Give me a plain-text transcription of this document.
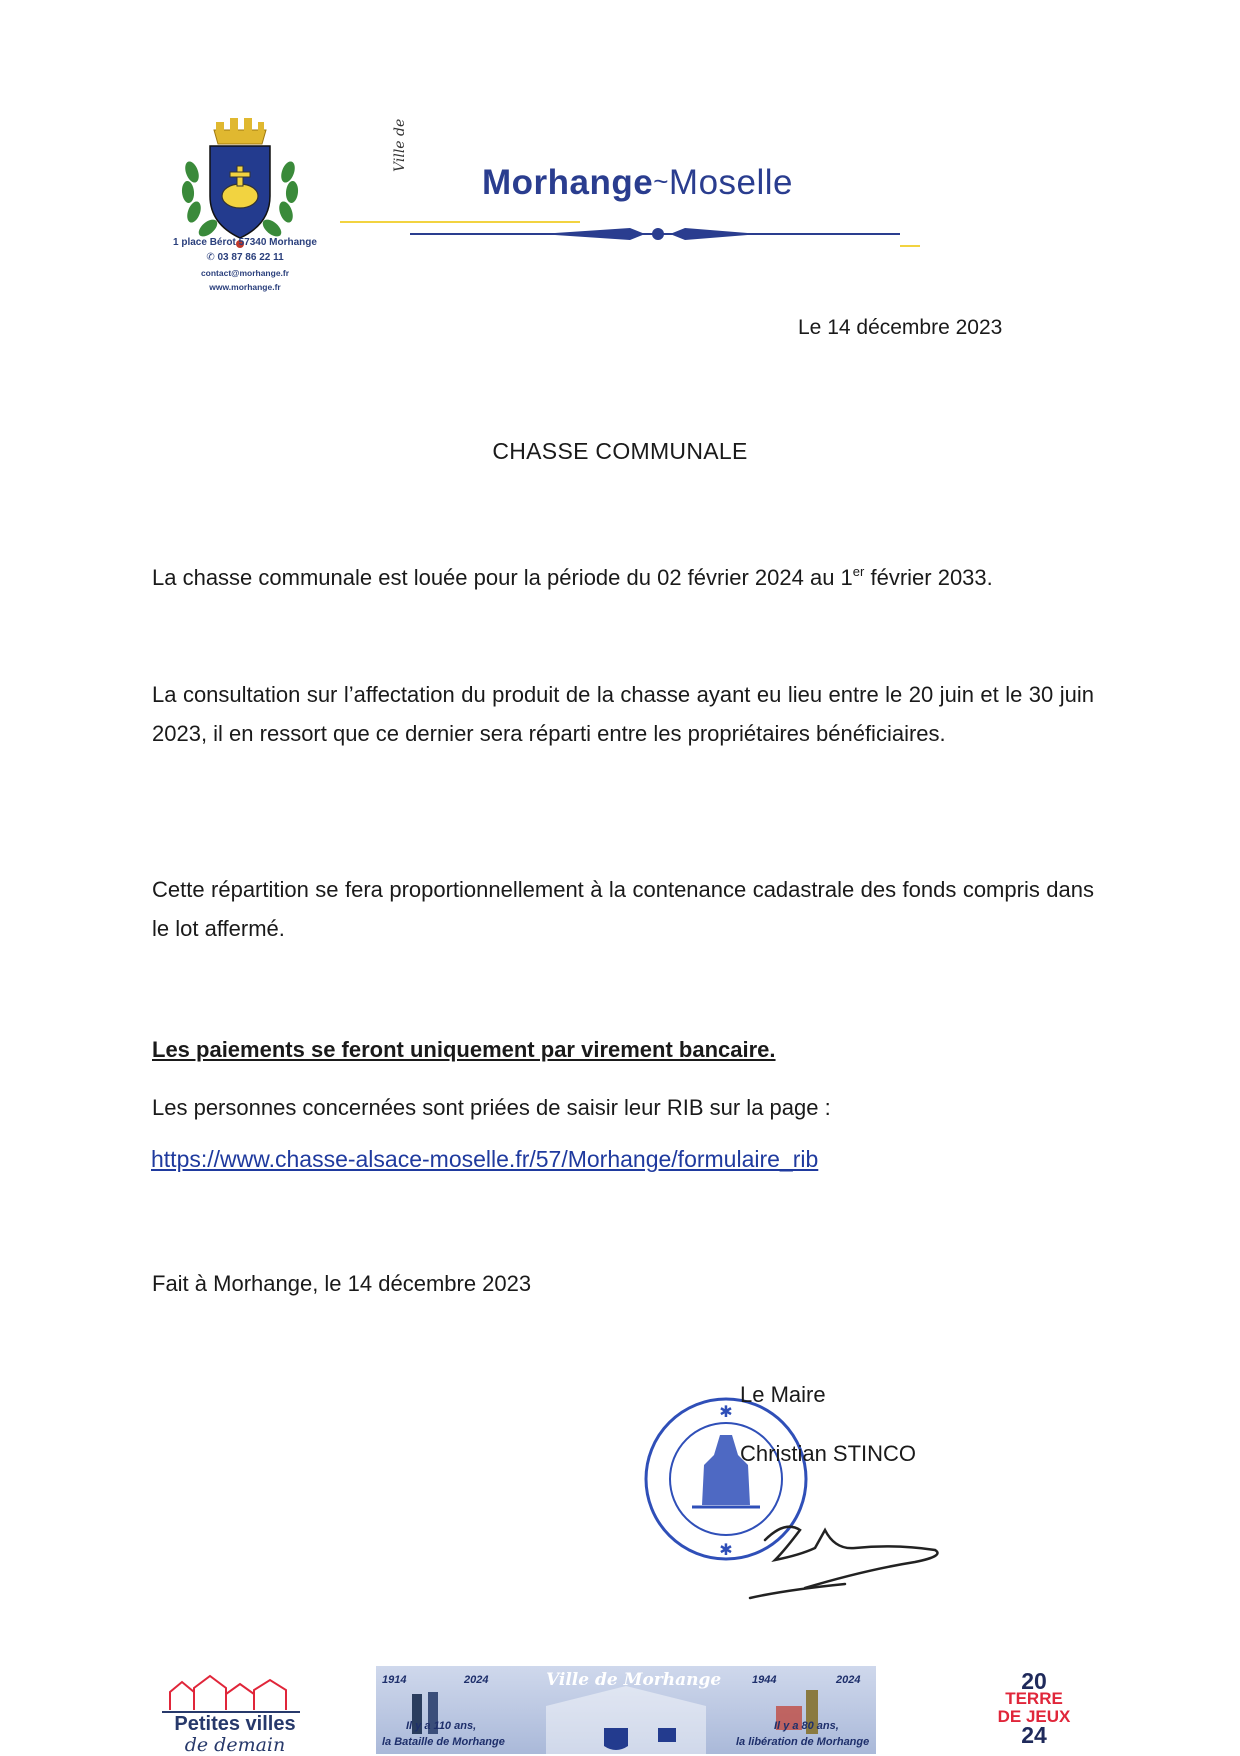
1 place Bérot 57340 Morhange
✆ 03 87 86 22 11
contact@morhange.fr
www.morhange.fr
Ville de
Morhange~Moselle
Le 14 décembre 2023
CHASSE COMMUNALE
La chasse communale est louée pour la période du 02 février 2024 au 1er février 2033.
La consultation sur l’affectation du produit de la chasse ayant eu lieu entre le 20 juin et le 30 juin 2023, il en ressort que ce dernier sera réparti entre les propriétaires bénéficiaires.
Cette répartition se fera proportionnellement à la contenance cadastrale des fonds compris dans le lot affermé.
Les paiements se feront uniquement par virement bancaire.
Les personnes concernées sont priées de saisir leur RIB sur la page :
https://www.chasse-alsace-moselle.fr/57/Morhange/formulaire_rib
Fait à Morhange, le 14 décembre 2023
✱
✱
Le Maire
Christian STINCO
Petites villes
de demain
1914	2024
Il y a 110 ans,
la Bataille de Morhange
Ville de Morhange	1944	2024
Il y a 80 ans,
la libération de Morhange
20
TERRE
DE JEUX
24
